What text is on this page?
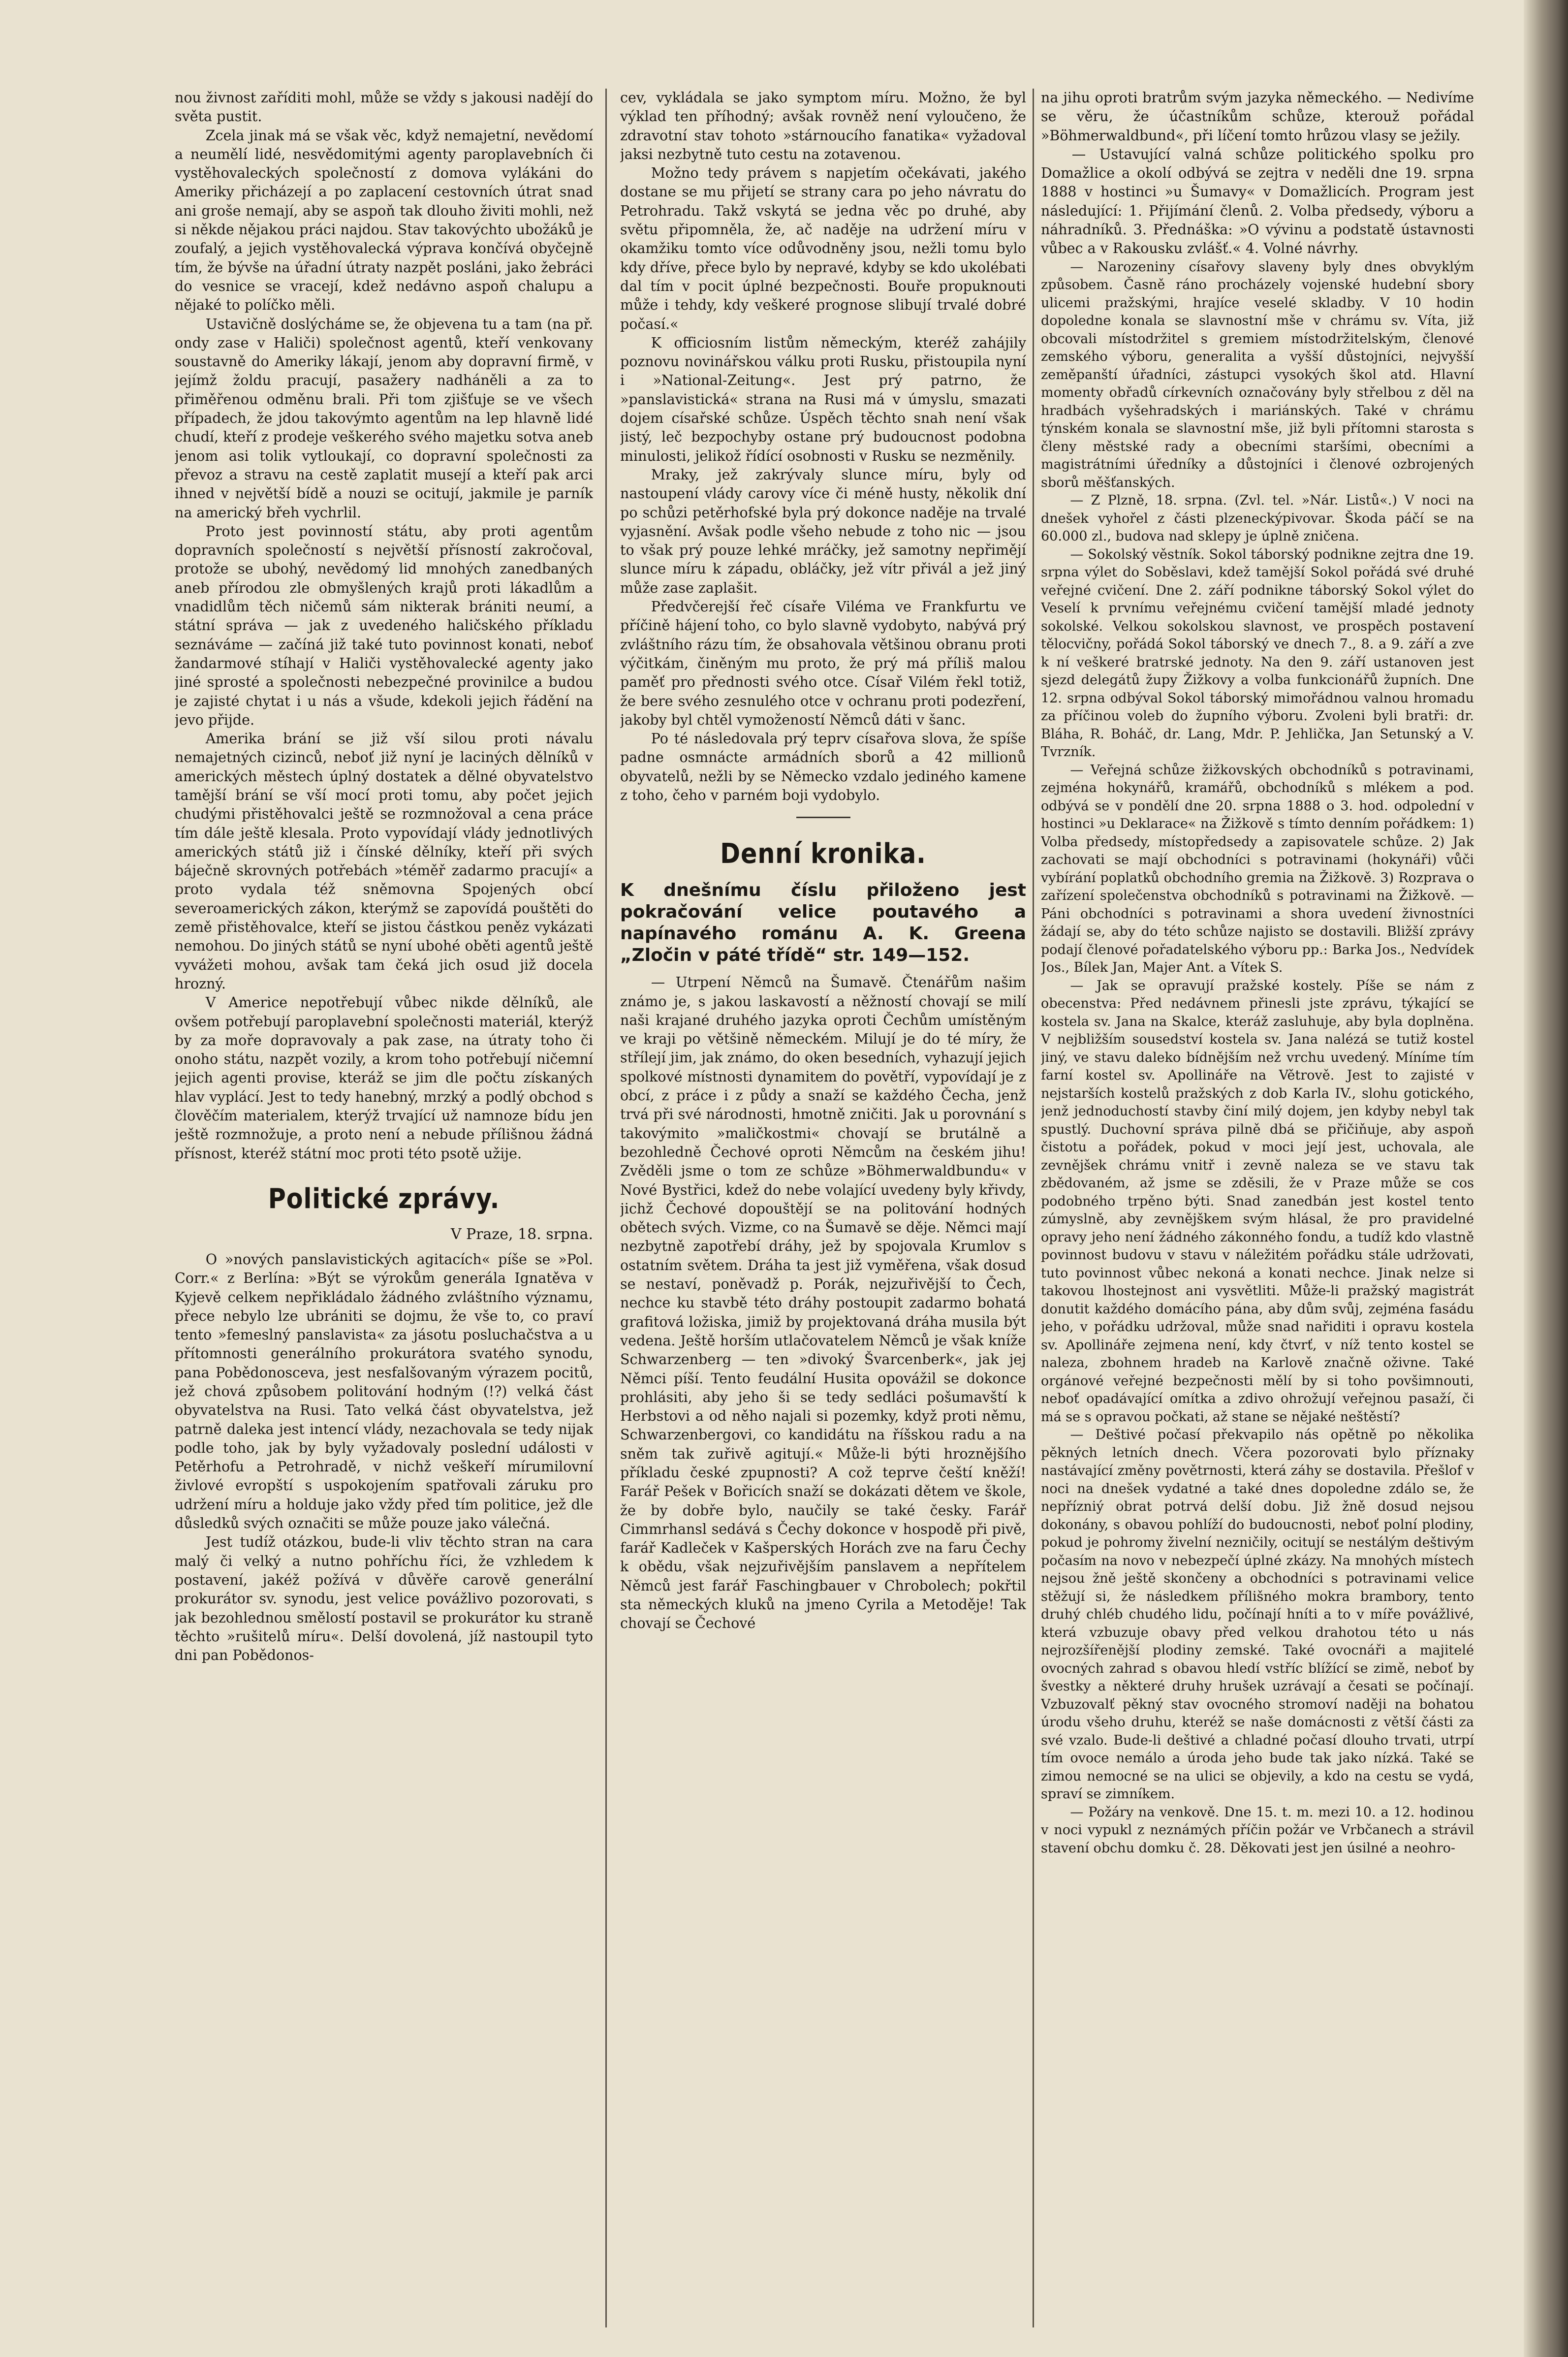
nou živnost zaříditi mohl, může se vždy s jakousi nadějí do světa pustit.

Zcela jinak má se však věc, když nemajetní, nevědomí a neumělí lidé, nesvědomitými agenty paroplavebních či vystěhovaleckých společností z domova vylákáni do Ameriky přicházejí a po zaplacení cestovních útrat snad ani groše nemají, aby se aspoň tak dlouho živiti mohli, než si někde nějakou práci najdou. Stav takovýchto ubožáků je zoufalý, a jejich vystěhovalecká výprava končívá obyčejně tím, že bývše na úřadní útraty nazpět posláni, jako žebráci do vesnice se vracejí, kdež nedávno aspoň chalupu a nějaké to políčko měli.

Ustavičně doslýcháme se, že objevena tu a tam (na př. ondy zase v Haliči) společnost agentů, kteří venkovany soustavně do Ameriky lákají, jenom aby dopravní firmě, v jejímž žoldu pracují, pasažery nadháněli a za to přiměřenou odměnu brali. Při tom zjišťuje se ve všech případech, že jdou takovýmto agentům na lep hlavně lidé chudí, kteří z prodeje veškerého svého majetku sotva aneb jenom asi tolik vytloukají, co dopravní společnosti za převoz a stravu na cestě zaplatit musejí a kteří pak arci ihned v největší bídě a nouzi se ocitují, jakmile je parník na americký břeh vychrlil.

Proto jest povinností státu, aby proti agentům dopravních společností s největší přísností zakročoval, protože se ubohý, nevědomý lid mnohých zanedbaných aneb přírodou zle obmyšlených krajů proti lákadlům a vnadidlům těch ničemů sám nikterak brániti neumí, a státní správa — jak z uvedeného haličského příkladu seznáváme — začíná již také tuto povinnost konati, neboť žandarmové stíhají v Haliči vystěhovalecké agenty jako jiné sprosté a společnosti nebezpečné provinilce a budou je zajisté chytat i u nás a všude, kdekoli jejich řádění na jevo přijde.

Amerika brání se již vší silou proti návalu nemajetných cizinců, neboť již nyní je laciných dělníků v amerických městech úplný dostatek a dělné obyvatelstvo tamější brání se vší mocí proti tomu, aby počet jejich chudými přistěhovalci ještě se rozmnožoval a cena práce tím dále ještě klesala. Proto vypovídají vlády jednotlivých amerických států již i čínské dělníky, kteří při svých báječně skrovných potřebách »téměř zadarmo pracují« a proto vydala též sněmovna Spojených obcí severoamerických zákon, kterýmž se zapovídá pouštěti do země přistěhovalce, kteří se jistou částkou peněz vykázati nemohou. Do jiných států se nyní ubohé oběti agentů ještě vyvážeti mohou, avšak tam čeká jich osud již docela hrozný.

V Americe nepotřebují vůbec nikde dělníků, ale ovšem potřebují paroplavební společnosti materiál, kterýž by za moře dopravovaly a pak zase, na útraty toho či onoho státu, nazpět vozily, a krom toho potřebují ničemní jejich agenti provise, kteráž se jim dle počtu získaných hlav vyplácí. Jest to tedy hanebný, mrzký a podlý obchod s člověčím materialem, kterýž trvající už namnoze bídu jen ještě rozmnožuje, a proto není a nebude přílišnou žádná přísnost, kteréž státní moc proti této psotě užije.

Politické zprávy.
V Praze, 18. srpna.

O »nových panslavistických agitacích« píše se »Pol. Corr.« z Berlína: »Být se výrokům generála Ignatěva v Kyjevě celkem nepřikládalo žádného zvláštního významu, přece nebylo lze ubrániti se dojmu, že vše to, co praví tento »femeslný panslavista« za jásotu posluchačstva a u přítomnosti generálního prokurátora svatého synodu, pana Pobědonosceva, jest nesfalšovaným výrazem pocitů, jež chová způsobem politování hodným (!?) velká část obyvatelstva na Rusi. Tato velká část obyvatelstva, jež patrně daleka jest intencí vlády, nezachovala se tedy nijak podle toho, jak by byly vyžadovaly poslední události v Petěrhofu a Petrohradě, v nichž veškeří mírumilovní živlové evropští s uspokojením spatřovali záruku pro udržení míru a holduje jako vždy před tím politice, jež dle důsledků svých označiti se může pouze jako válečná.

Jest tudíž otázkou, bude-li vliv těchto stran na cara malý či velký a nutno pohříchu říci, že vzhledem k postavení, jakéž požívá v důvěře carově generální prokurátor sv. synodu, jest velice povážlivo pozorovati, s jak bezohlednou smělostí postavil se prokurátor ku straně těchto »rušitelů míru«. Delší dovolená, jíž nastoupil tyto dni pan Pobědonos-

cev, vykládala se jako symptom míru. Možno, že byl výklad ten příhodný; avšak rovněž není vyloučeno, že zdravotní stav tohoto »stárnoucího fanatika« vyžadoval jaksi nezbytně tuto cestu na zotavenou.

Možno tedy právem s napjetím očekávati, jakého dostane se mu přijetí se strany cara po jeho návratu do Petrohradu. Takž vskytá se jedna věc po druhé, aby světu připomněla, že, ač naděje na udržení míru v okamžiku tomto více odůvodněny jsou, nežli tomu bylo kdy dříve, přece bylo by nepravé, kdyby se kdo ukolébati dal tím v pocit úplné bezpečnosti. Bouře propuknouti může i tehdy, kdy veškeré prognose slibují trvalé dobré počasí.«

K officiosním listům německým, kteréž zahájily poznovu novinářskou válku proti Rusku, přistoupila nyní i »National-Zeitung«. Jest prý patrno, že »panslavistická« strana na Rusi má v úmyslu, smazati dojem císařské schůze. Úspěch těchto snah není však jistý, leč bezpochyby ostane prý budoucnost podobna minulosti, jelikož řídící osobnosti v Rusku se nezměnily.

Mraky, jež zakrývaly slunce míru, byly od nastoupení vlády carovy více či méně husty, několik dní po schůzi petěrhofské byla prý dokonce naděje na trvalé vyjasnění. Avšak podle všeho nebude z toho nic — jsou to však prý pouze lehké mráčky, jež samotny nepřimějí slunce míru k západu, obláčky, jež vítr přivál a jež jiný může zase zaplašit.

Předvčerejší řeč císaře Viléma ve Frankfurtu ve příčině hájení toho, co bylo slavně vydobyto, nabývá prý zvláštního rázu tím, že obsahovala většinou obranu proti výčitkám, činěným mu proto, že prý má příliš malou paměť pro přednosti svého otce. Císař Vilém řekl totiž, že bere svého zesnulého otce v ochranu proti podezření, jakoby byl chtěl vymožeností Němců dáti v šanc.

Po té následovala prý teprv císařova slova, že spíše padne osmnácte armádních sborů a 42 millionů obyvatelů, nežli by se Německo vzdalo jediného kamene z toho, čeho v parném boji vydobylo.

Denní kronika.
K dnešnímu číslu přiloženo jest pokračování velice poutavého a napínavého románu A. K. Greena „Zločin v páté třídě“ str. 149—152.

— Utrpení Němců na Šumavě. Čtenářům našim známo je, s jakou laskavostí a něžností chovají se milí naši krajané druhého jazyka oproti Čechům umístěným ve kraji po většině německém. Milují je do té míry, že střílejí jim, jak známo, do oken besedních, vyhazují jejich spolkové místnosti dynamitem do povětří, vypovídají je z obcí, z práce i z půdy a snaží se každého Čecha, jenž trvá při své národnosti, hmotně zničiti. Jak u porovnání s takovýmito »maličkostmi« chovají se brutálně a bezohledně Čechové oproti Němcům na českém jihu! Zvěděli jsme o tom ze schůze »Böhmerwaldbundu« v Nové Bystřici, kdež do nebe volající uvedeny byly křivdy, jichž Čechové dopouštějí se na politování hodných obětech svých. Vizme, co na Šumavě se děje. Němci mají nezbytně zapotřebí dráhy, jež by spojovala Krumlov s ostatním světem. Dráha ta jest již vyměřena, však dosud se nestaví, poněvadž p. Porák, nejzuřivější to Čech, nechce ku stavbě této dráhy postoupit zadarmo bohatá grafitová ložiska, jimiž by projektovaná dráha musila být vedena. Ještě horším utlačovatelem Němců je však kníže Schwarzenberg — ten »divoký Švarcenberk«, jak jej Němci píší. Tento feudální Husita opovážil se dokonce prohlásiti, aby jeho ši se tedy sedláci pošumavští k Herbstovi a od něho najali si pozemky, když proti němu, Schwarzenbergovi, co kandidátu na říšskou radu a na sněm tak zuřivě agitují.« Může-li býti hroznějšího příkladu české zpupnosti? A což teprve čeští kněží! Farář Pešek v Bořicích snaží se dokázati dětem ve škole, že by dobře bylo, naučily se také česky. Farář Cimmrhansl sedává s Čechy dokonce v hospodě při pivě, farář Kadleček v Kašperských Horách zve na faru Čechy k obědu, však nejzuřivějším panslavem a nepřítelem Němců jest farář Faschingbauer v Chrobolech; pokřtil sta německých kluků na jmeno Cyrila a Metoděje! Tak chovají se Čechové

na jihu oproti bratrům svým jazyka německého. — Nedivíme se věru, že účastníkům schůze, kterouž pořádal »Böhmerwaldbund«, při líčení tomto hrůzou vlasy se ježily.

— Ustavující valná schůze politického spolku pro Domažlice a okolí odbývá se zejtra v neděli dne 19. srpna 1888 v hostinci »u Šumavy« v Domažlicích. Program jest následující: 1. Přijímání členů. 2. Volba předsedy, výboru a náhradníků. 3. Přednáška: »O vývinu a podstatě ústavnosti vůbec a v Rakousku zvlášť.« 4. Volné návrhy.

— Narozeniny císařovy slaveny byly dnes obvyklým způsobem. Časně ráno procházely vojenské hudební sbory ulicemi pražskými, hrajíce veselé skladby. V 10 hodin dopoledne konala se slavnostní mše v chrámu sv. Víta, již obcovali místodržitel s gremiem místodržitelským, členové zemského výboru, generalita a vyšší důstojníci, nejvyšší zeměpanští úřadníci, zástupci vysokých škol atd. Hlavní momenty obřadů církevních označovány byly střelbou z děl na hradbách vyšehradských i mariánských. Také v chrámu týnském konala se slavnostní mše, již byli přítomni starosta s členy městské rady a obecními staršími, obecními a magistrátními úředníky a důstojníci i členové ozbrojených sborů měšťanských.

— Z Plzně, 18. srpna. (Zvl. tel. »Nár. Listů«.) V noci na dnešek vyhořel z části plzeneckýpivovar. Škoda páčí se na 60.000 zl., budova nad sklepy je úplně zničena.

— Sokolský věstník. Sokol táborský podnikne zejtra dne 19. srpna výlet do Soběslavi, kdež tamější Sokol pořádá své druhé veřejné cvičení. Dne 2. září podnikne táborský Sokol výlet do Veselí k prvnímu veřejnému cvičení tamější mladé jednoty sokolské. Velkou sokolskou slavnost, ve prospěch postavení tělocvičny, pořádá Sokol táborský ve dnech 7., 8. a 9. září a zve k ní veškeré bratrské jednoty. Na den 9. září ustanoven jest sjezd delegátů župy Žižkovy a volba funkcionářů župních. Dne 12. srpna odbýval Sokol táborský mimořádnou valnou hromadu za příčinou voleb do župního výboru. Zvoleni byli bratři: dr. Bláha, R. Boháč, dr. Lang, Mdr. P. Jehlička, Jan Setunský a V. Tvrzník.

— Veřejná schůze žižkovských obchodníků s potravinami, zejména hokynářů, kramářů, obchodníků s mlékem a pod. odbývá se v pondělí dne 20. srpna 1888 o 3. hod. odpolední v hostinci »u Deklarace« na Žižkově s tímto denním pořádkem: 1) Volba předsedy, místopředsedy a zapisovatele schůze. 2) Jak zachovati se mají obchodníci s potravinami (hokynáři) vůči vybírání poplatků obchodního gremia na Žižkově. 3) Rozprava o zařízení společenstva obchodníků s potravinami na Žižkově. — Páni obchodníci s potravinami a shora uvedení živnostníci žádají se, aby do této schůze najisto se dostavili. Bližší zprávy podají členové pořadatelského výboru pp.: Barka Jos., Nedvídek Jos., Bílek Jan, Majer Ant. a Vítek S.

— Jak se opravují pražské kostely. Píše se nám z obecenstva: Před nedávnem přinesli jste zprávu, týkající se kostela sv. Jana na Skalce, kteráž zasluhuje, aby byla doplněna. V nejbližším sousedství kostela sv. Jana nalézá se tutiž kostel jiný, ve stavu daleko bídnějším než vrchu uvedený. Míníme tím farní kostel sv. Apollináře na Větrově. Jest to zajisté v nejstarších kostelů pražských z dob Karla IV., slohu gotického, jenž jednoduchostí stavby činí milý dojem, jen kdyby nebyl tak spustlý. Duchovní správa pilně dbá se přičiňuje, aby aspoň čistotu a pořádek, pokud v moci její jest, uchovala, ale zevnějšek chrámu vnitř i zevně naleza se ve stavu tak zbědovaném, až jsme se zděsili, že v Praze může se cos podobného trpěno býti. Snad zanedbán jest kostel tento zúmyslně, aby zevnějškem svým hlásal, že pro pravidelné opravy jeho není žádného zákonného fondu, a tudíž kdo vlastně povinnost budovu v stavu v náležitém pořádku stále udržovati, tuto povinnost vůbec nekoná a konati nechce. Jinak nelze si takovou lhostejnost ani vysvětliti. Může-li pražský magistrát donutit každého domácího pána, aby dům svůj, zejména fasádu jeho, v pořádku udržoval, může snad nařiditi i opravu kostela sv. Apollináře zejmena není, kdy čtvrť, v níž tento kostel se naleza, zbohnem hradeb na Karlově značně oživne. Také orgánové veřejné bezpečnosti mělí by si toho povšimnouti, neboť opadávající omítka a zdivo ohrožují veřejnou pasaží, či má se s opravou počkati, až stane se nějaké neštěstí?

— Deštivé počasí překvapilo nás opětně po několika pěkných letních dnech. Včera pozorovati bylo příznaky nastávající změny povětrnosti, která záhy se dostavila. Přešlof v noci na dnešek vydatné a také dnes dopoledne zdálo se, že nepřízniý obrat potrvá delší dobu. Již žně dosud nejsou dokonány, s obavou pohlíží do budoucnosti, neboť polní plodiny, pokud je pohromy živelní nezničily, ocitují se nestálým deštivým počasím na novo v nebezpečí úplné zkázy. Na mnohých místech nejsou žně ještě skončeny a obchodníci s potravinami velice stěžují si, že následkem přílišného mokra brambory, tento druhý chléb chudého lidu, počínají hníti a to v míře povážlivé, která vzbuzuje obavy před velkou drahotou této u nás nejrozšířenější plodiny zemské. Také ovocnáři a majitelé ovocných zahrad s obavou hledí vstříc blížící se zimě, neboť by švestky a některé druhy hrušek uzrávají a česati se počínají. Vzbuzovalť pěkný stav ovocného stromoví naději na bohatou úrodu všeho druhu, kteréž se naše domácnosti z větší části za své vzalo. Bude-li deštivé a chladné počasí dlouho trvati, utrpí tím ovoce nemálo a úroda jeho bude tak jako nízká. Také se zimou nemocné se na ulici se objevily, a kdo na cestu se vydá, spraví se zimníkem.

— Požáry na venkově. Dne 15. t. m. mezi 10. a 12. hodinou v noci vypukl z neznámých příčin požár ve Vrbčanech a strávil stavení obchu domku č. 28. Děkovati jest jen úsilné a neohro-
